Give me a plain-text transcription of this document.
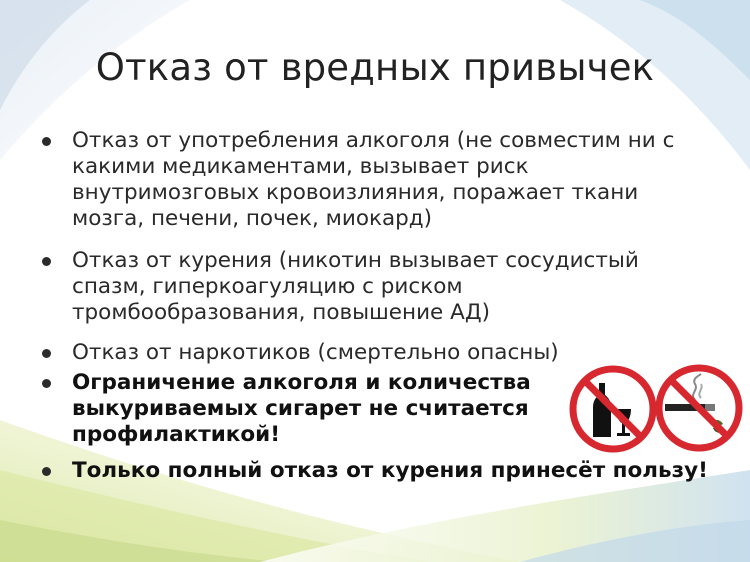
Отказ от вредных привычек
Отказ от употребления алкоголя (не совместим ни с
какими медикаментами, вызывает риск
внутримозговых кровоизлияния, поражает ткани
мозга, печени, почек, миокард)
Отказ от курения (никотин вызывает сосудистый
спазм, гиперкоагуляцию с риском
тромбообразования, повышение АД)
Отказ от наркотиков (смертельно опасны)
Ограничение алкоголя и количества
выкуриваемых сигарет не считается
профилактикой!
Только полный отказ от курения принесёт пользу!
